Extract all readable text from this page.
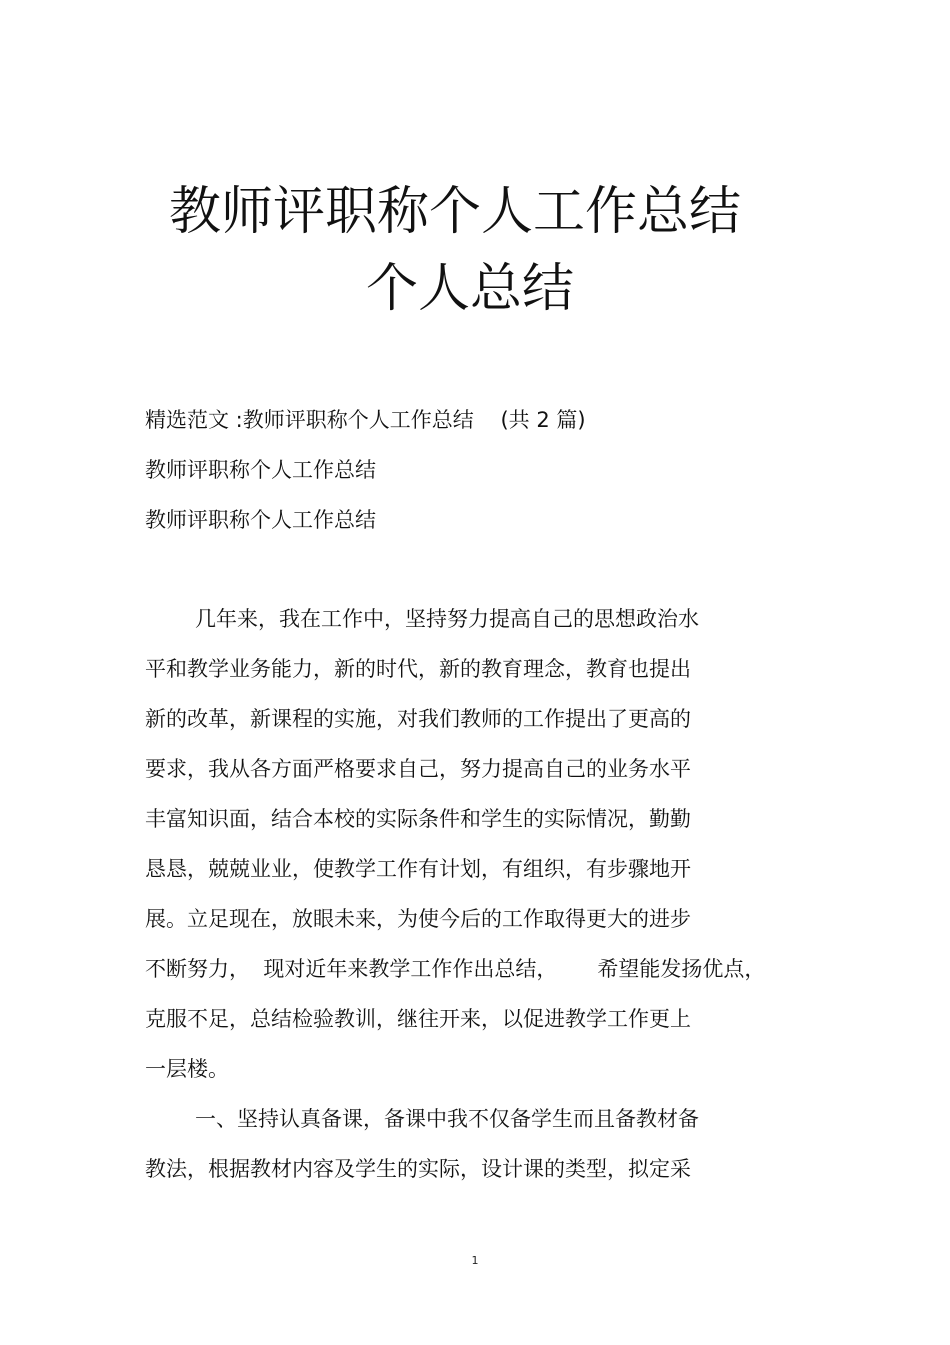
教师评职称个人工作总结
个人总结
精选范文 :教师评职称个人工作总结    (共 2 篇)
教师评职称个人工作总结
教师评职称个人工作总结
几年来，我在工作中，坚持努力提高自己的思想政治水
平和教学业务能力，新的时代，新的教育理念，教育也提出
新的改革，新课程的实施，对我们教师的工作提出了更高的
要求，我从各方面严格要求自己，努力提高自己的业务水平
丰富知识面，结合本校的实际条件和学生的实际情况，勤勤
恳恳，兢兢业业，使教学工作有计划，有组织，有步骤地开
展。立足现在，放眼未来，为使今后的工作取得更大的进步
不断努力，  现对近年来教学工作作出总结，      希望能发扬优点，
克服不足，总结检验教训，继往开来，以促进教学工作更上
一层楼。
一、坚持认真备课，备课中我不仅备学生而且备教材备
教法，根据教材内容及学生的实际，设计课的类型，拟定采
1
